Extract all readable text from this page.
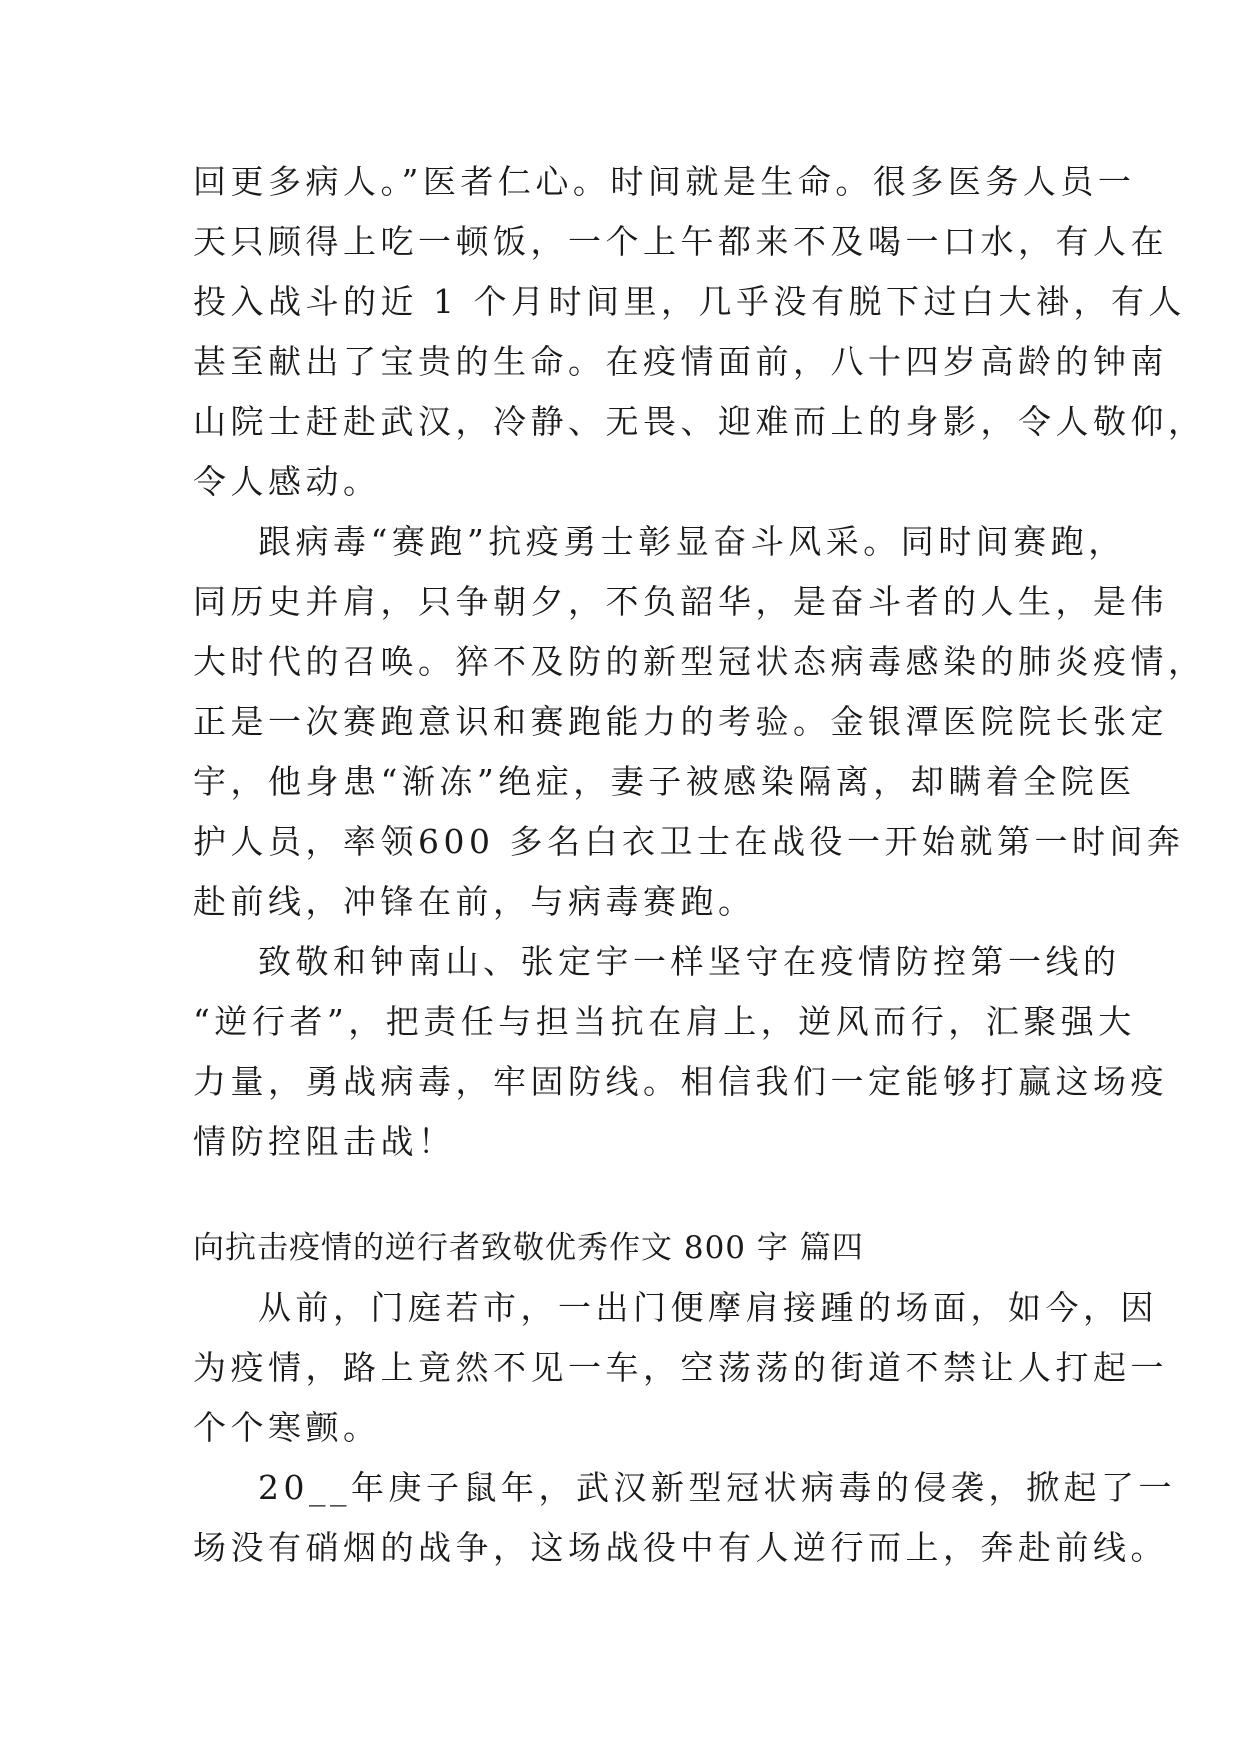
回更多病人。”医者仁心。时间就是生命。很多医务人员一
天只顾得上吃一顿饭，一个上午都来不及喝一口水，有人在
投入战斗的近 1 个月时间里，几乎没有脱下过白大褂，有人
甚至献出了宝贵的生命。在疫情面前，八十四岁高龄的钟南
山院士赶赴武汉，冷静、无畏、迎难而上的身影，令人敬仰，
令人感动。
跟病毒“赛跑”抗疫勇士彰显奋斗风采。同时间赛跑，
同历史并肩，只争朝夕，不负韶华，是奋斗者的人生，是伟
大时代的召唤。猝不及防的新型冠状态病毒感染的肺炎疫情，
正是一次赛跑意识和赛跑能力的考验。金银潭医院院长张定
宇，他身患“渐冻”绝症，妻子被感染隔离，却瞒着全院医
护人员，率领600 多名白衣卫士在战役一开始就第一时间奔
赴前线，冲锋在前，与病毒赛跑。
致敬和钟南山、张定宇一样坚守在疫情防控第一线的
“逆行者”，把责任与担当抗在肩上，逆风而行，汇聚强大
力量，勇战病毒，牢固防线。相信我们一定能够打赢这场疫
情防控阻击战！
向抗击疫情的逆行者致敬优秀作文 800 字 篇四
从前，门庭若市，一出门便摩肩接踵的场面，如今，因
为疫情，路上竟然不见一车，空荡荡的街道不禁让人打起一
个个寒颤。
20__年庚子鼠年，武汉新型冠状病毒的侵袭，掀起了一
场没有硝烟的战争，这场战役中有人逆行而上，奔赴前线。
